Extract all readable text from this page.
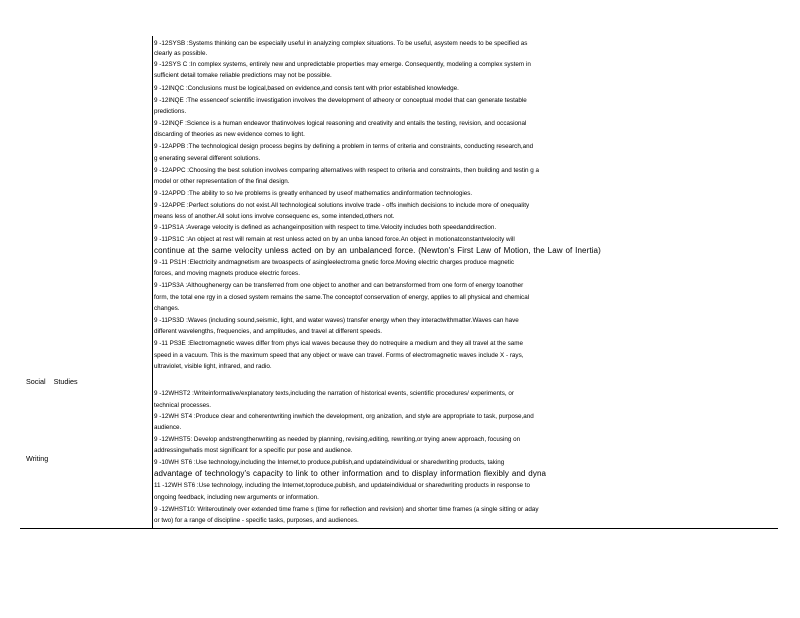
Social Studies
Writing
9 -12SYSB :Systems thinking can be especially useful in analyzing complex situations. To be useful, asystem needs to be specified as
clearly as possible.
9 -12SYS C :In complex systems, entirely new and unpredictable properties may emerge. Consequently, modeling a complex system in
sufficient detail tomake reliable predictions may not be possible.
9 -12INQC :Conclusions must be logical,based on evidence,and consis tent with prior established knowledge.
9 -12INQE :The essenceof scientific investigation involves the development of atheory or conceptual model that can generate testable
predictions.
9 -12INQF :Science is a human endeavor thatinvolves logical reasoning and creativity and entails the testing, revision, and occasional
discarding of theories as new evidence comes to light.
9 -12APPB :The technological design process begins by defining a problem in terms of criteria and constraints, conducting research,and
g enerating several different solutions.
9 -12APPC :Choosing the best solution involves comparing alternatives with respect to criteria and constraints, then building and testin g a
model or other representation of the final design.
9 -12APPD :The ability to so lve problems is greatly enhanced by useof mathematics andinformation technologies.
9 -12APPE :Perfect solutions do not exist.All technological solutions involve trade - offs inwhich decisions to include more of onequality
means less of another.All solut ions involve consequenc es, some intended,others not.
9 -11PS1A :Average velocity is defined as achangeinposition with respect to time.Velocity includes both speedanddirection.
9 -11PS1C :An object at rest will remain at rest unless acted on by an unba lanced force.An object in motionatconstantvelocity will
continue at the same velocity unless acted on by an unbalanced force. (Newton's First Law of Motion, the Law of Inertia)
9 -11 PS1H :Electricity andmagnetism are twoaspects of asingleelectroma gnetic force.Moving electric charges produce magnetic
forces, and moving magnets produce electric forces.
9 -11PS3A :Althoughenergy can be transferred from one object to another and can betransformed from one form of energy toanother
form, the total ene rgy in a closed system remains the same.The conceptof conservation of energy, applies to all physical and chemical
changes.
9 -11PS3D :Waves (including sound,seismic, light, and water waves) transfer energy when they interactwithmatter.Waves can have
different wavelengths, frequencies, and amplitudes, and travel at different speeds.
9 -11 PS3E :Electromagnetic waves differ from phys ical waves because they do notrequire a medium and they all travel at the same
speed in a vacuum. This is the maximum speed that any object or wave can travel. Forms of electromagnetic waves include X - rays,
ultraviolet, visible light, infrared, and radio.
9 -12WHST2 :Writeinformative/explanatory texts,including the narration of historical events, scientific procedures/ experiments, or
technical processes.
9 -12WH ST4 :Produce clear and coherentwriting inwhich the development, org anization, and style are appropriate to task, purpose,and
audience.
9 -12WHST5: Develop andstrengthenwriting as needed by planning, revising,editing, rewriting,or trying anew approach, focusing on
addressingwhatis most significant for a specific pur pose and audience.
9 -10WH ST6 :Use technology,including the Internet,to produce,publish,and updateindividual or sharedwriting products, taking
advantage of technology's capacity to link to other information and to display information flexibly and dyna
11 -12WH ST6 :Use technology, including the Internet,toproduce,publish, and updateindividual or sharedwriting products in response to
ongoing feedback, including new arguments or information.
9 -12WHST10: Writeroutinely over extended time frame s (time for reflection and revision) and shorter time frames (a single sitting or aday
or two) for a range of discipline - specific tasks, purposes, and audiences.
